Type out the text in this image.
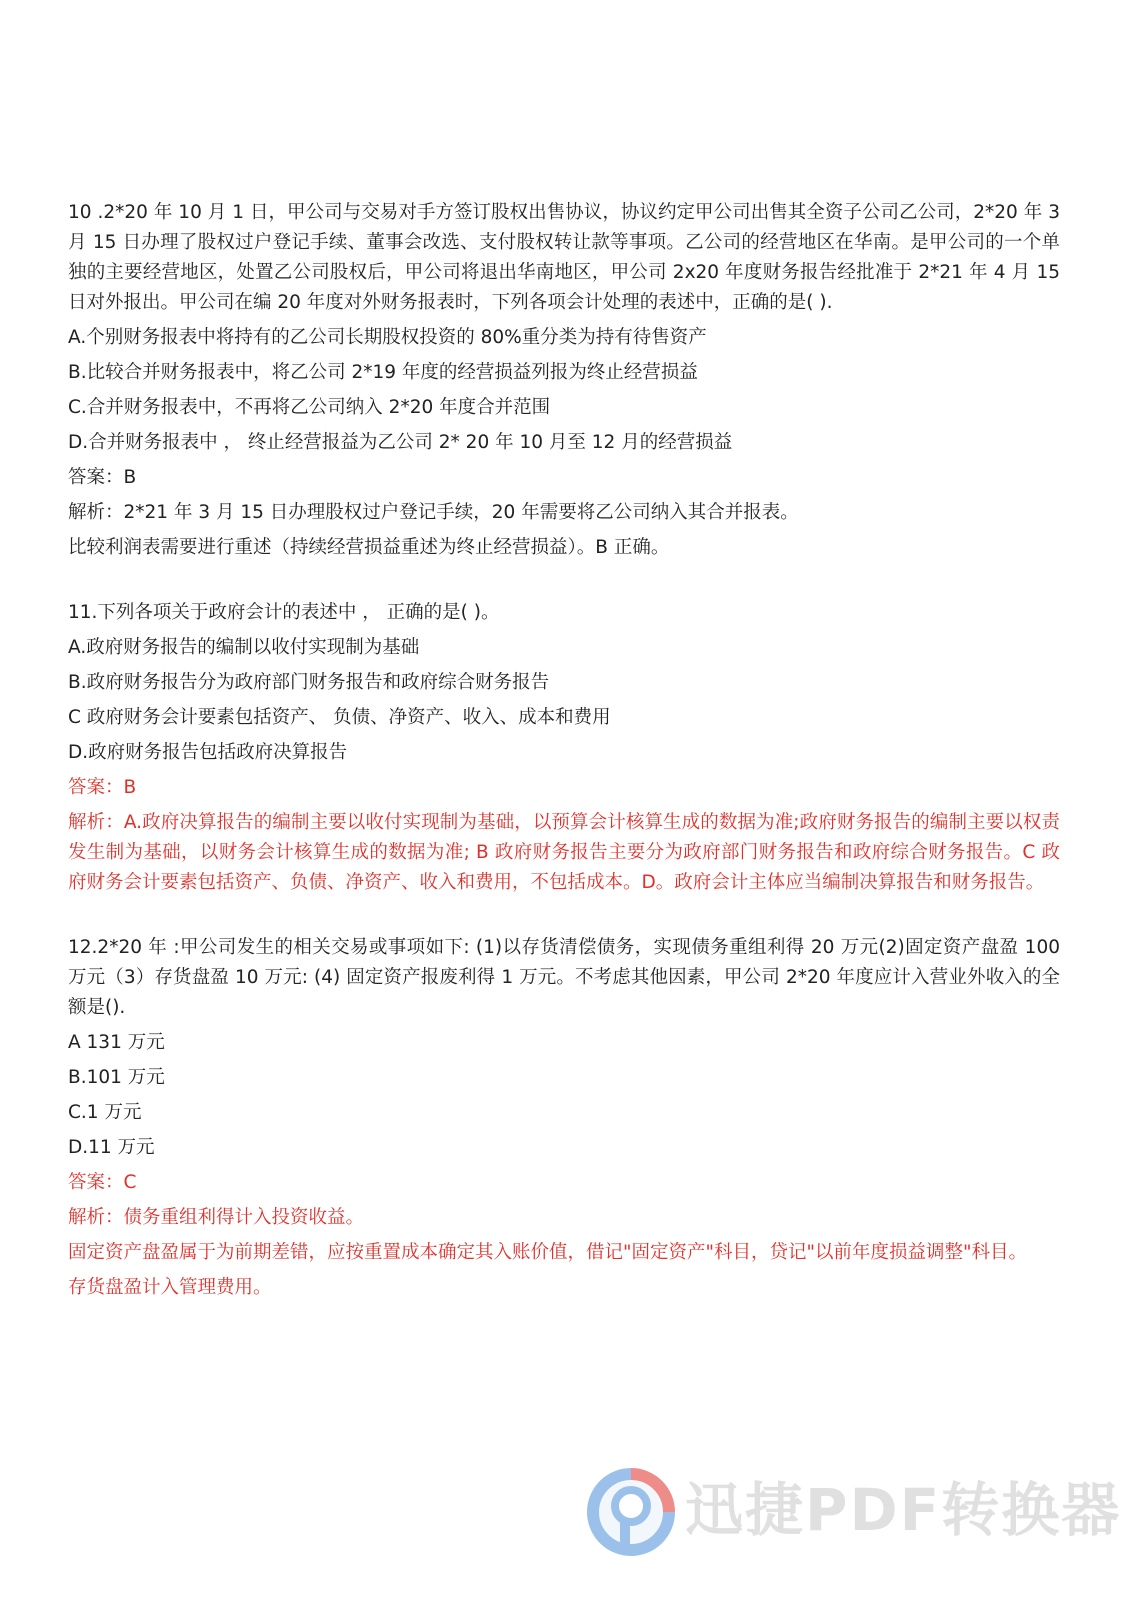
10 .2*20 年 10 月 1 日，甲公司与交易对手方签订股权出售协议，协议约定甲公司出售其全资子公司乙公司，2*20 年 3 月 15 日办理了股权过户登记手续、董事会改选、支付股权转让款等事项。乙公司的经营地区在华南。是甲公司的一个单独的主要经营地区，处置乙公司股权后，甲公司将退出华南地区，甲公司 2x20 年度财务报告经批准于 2*21 年 4 月 15 日对外报出。甲公司在编 20 年度对外财务报表时，下列各项会计处理的表述中，正确的是( ).

A.个别财务报表中将持有的乙公司长期股权投资的 80%重分类为持有待售资产

B.比较合并财务报表中，将乙公司 2*19 年度的经营损益列报为终止经营损益

C.合并财务报表中，不再将乙公司纳入 2*20 年度合并范围

D.合并财务报表中 ， 终止经营报益为乙公司 2* 20 年 10 月至 12 月的经营损益

答案：B

解析：2*21 年 3 月 15 日办理股权过户登记手续，20 年需要将乙公司纳入其合并报表。

比较利润表需要进行重述（持续经营损益重述为终止经营损益）。B 正确。

11.下列各项关于政府会计的表述中 ， 正确的是( )。

A.政府财务报告的编制以收付实现制为基础

B.政府财务报告分为政府部门财务报告和政府综合财务报告

C 政府财务会计要素包括资产、 负债、净资产、收入、成本和费用

D.政府财务报告包括政府决算报告

答案：B

解析：A.政府决算报告的编制主要以收付实现制为基础，以预算会计核算生成的数据为准;政府财务报告的编制主要以权责发生制为基础，以财务会计核算生成的数据为准; B 政府财务报告主要分为政府部门财务报告和政府综合财务报告。C 政府财务会计要素包括资产、负债、净资产、收入和费用，不包括成本。D。政府会计主体应当编制决算报告和财务报告。

12.2*20 年 :甲公司发生的相关交易或事项如下: (1)以存货清偿债务，实现债务重组利得 20 万元(2)固定资产盘盈 100 万元（3）存货盘盈 10 万元: (4) 固定资产报废利得 1 万元。不考虑其他因素，甲公司 2*20 年度应计入营业外收入的全额是().

A 131 万元

B.101 万元

C.1 万元

D.11 万元

答案：C

解析：债务重组利得计入投资收益。

固定资产盘盈属于为前期差错，应按重置成本确定其入账价值，借记"固定资产"科目，贷记"以前年度损益调整"科目。

存货盘盈计入管理费用。

迅捷PDF转换器
